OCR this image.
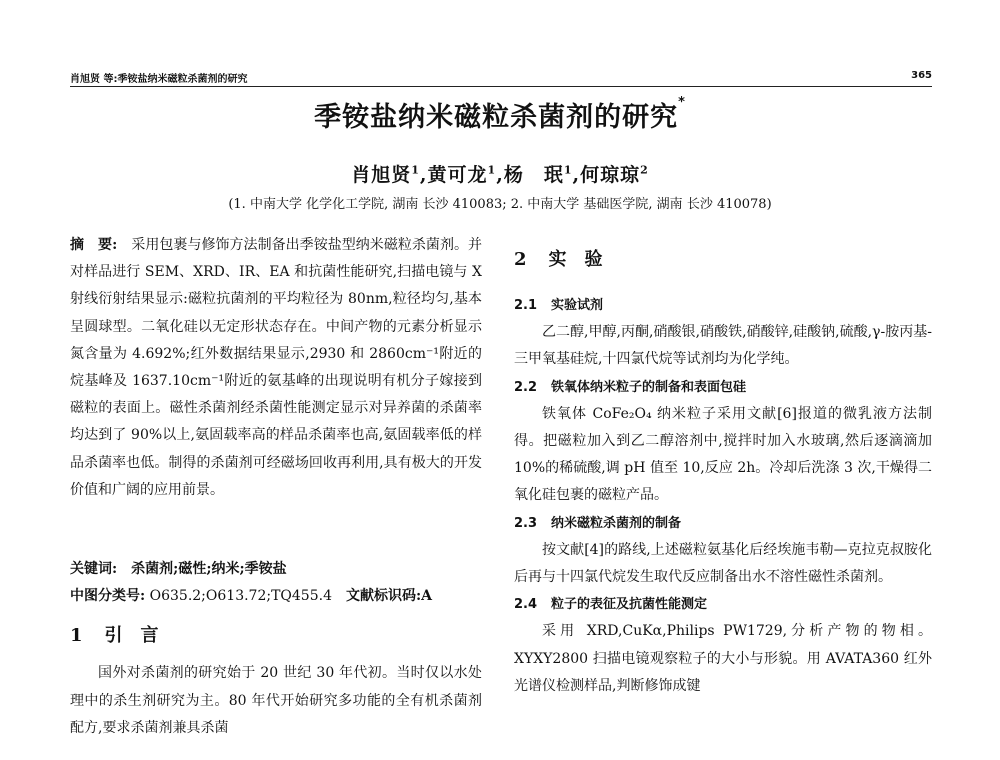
肖旭贤 等:季铵盐纳米磁粒杀菌剂的研究	365
季铵盐纳米磁粒杀菌剂的研究*
肖旭贤$^1$,黄可龙$^1$,杨　珉$^1$,何琼琼$^2$
(1. 中南大学 化学化工学院, 湖南 长沙 410083; 2. 中南大学 基础医学院, 湖南 长沙 410078)

摘　要:　 采用包裹与修饰方法制备出季铵盐型纳米磁粒杀菌剂。并对样品进行 SEM、XRD、IR、EA 和抗菌性能研究,扫描电镜与 X 射线衍射结果显示:磁粒抗菌剂的平均粒径为 80nm,粒径均匀,基本呈圆球型。二氧化硅以无定形状态存在。中间产物的元素分析显示氮含量为 4.692%;红外数据结果显示,2930 和 2860cm⁻¹附近的烷基峰及 1637.10cm⁻¹附近的氨基峰的出现说明有机分子嫁接到磁粒的表面上。磁性杀菌剂经杀菌性能测定显示对异养菌的杀菌率均达到了 90%以上,氨固载率高的样品杀菌率也高,氨固载率低的样品杀菌率也低。制得的杀菌剂可经磁场回收再利用,具有极大的开发价值和广阔的应用前景。

关键词:　 杀菌剂;磁性;纳米;季铵盐

中图分类号: O635.2;O613.72;TQ455.4　 文献标识码:A

1 引　言

国外对杀菌剂的研究始于 20 世纪 30 年代初。当时仅以水处理中的杀生剂研究为主。80 年代开始研究多功能的全有机杀菌剂配方,要求杀菌剂兼具杀菌

2 实　验
2.1 实验试剂

乙二醇,甲醇,丙酮,硝酸银,硝酸铁,硝酸锌,硅酸钠,硫酸,γ-胺丙基-三甲氧基硅烷,十四氯代烷等试剂均为化学纯。

2.2 铁氧体纳米粒子的制备和表面包硅

铁氧体 CoFe₂O₄ 纳米粒子采用文献[6]报道的微乳液方法制得。把磁粒加入到乙二醇溶剂中,搅拌时加入水玻璃,然后逐滴滴加 10%的稀硫酸,调 pH 值至 10,反应 2h。冷却后洗涤 3 次,干燥得二氧化硅包裹的磁粒产品。

2.3 纳米磁粒杀菌剂的制备

按文献[4]的路线,上述磁粒氨基化后经埃施韦勒—克拉克叔胺化后再与十四氯代烷发生取代反应制备出水不溶性磁性杀菌剂。

2.4 粒子的表征及抗菌性能测定

采用 XRD,CuKα,Philips PW1729,分析产物的物相。XYXY2800 扫描电镜观察粒子的大小与形貌。用 AVATA360 红外光谱仪检测样品,判断修饰成键
